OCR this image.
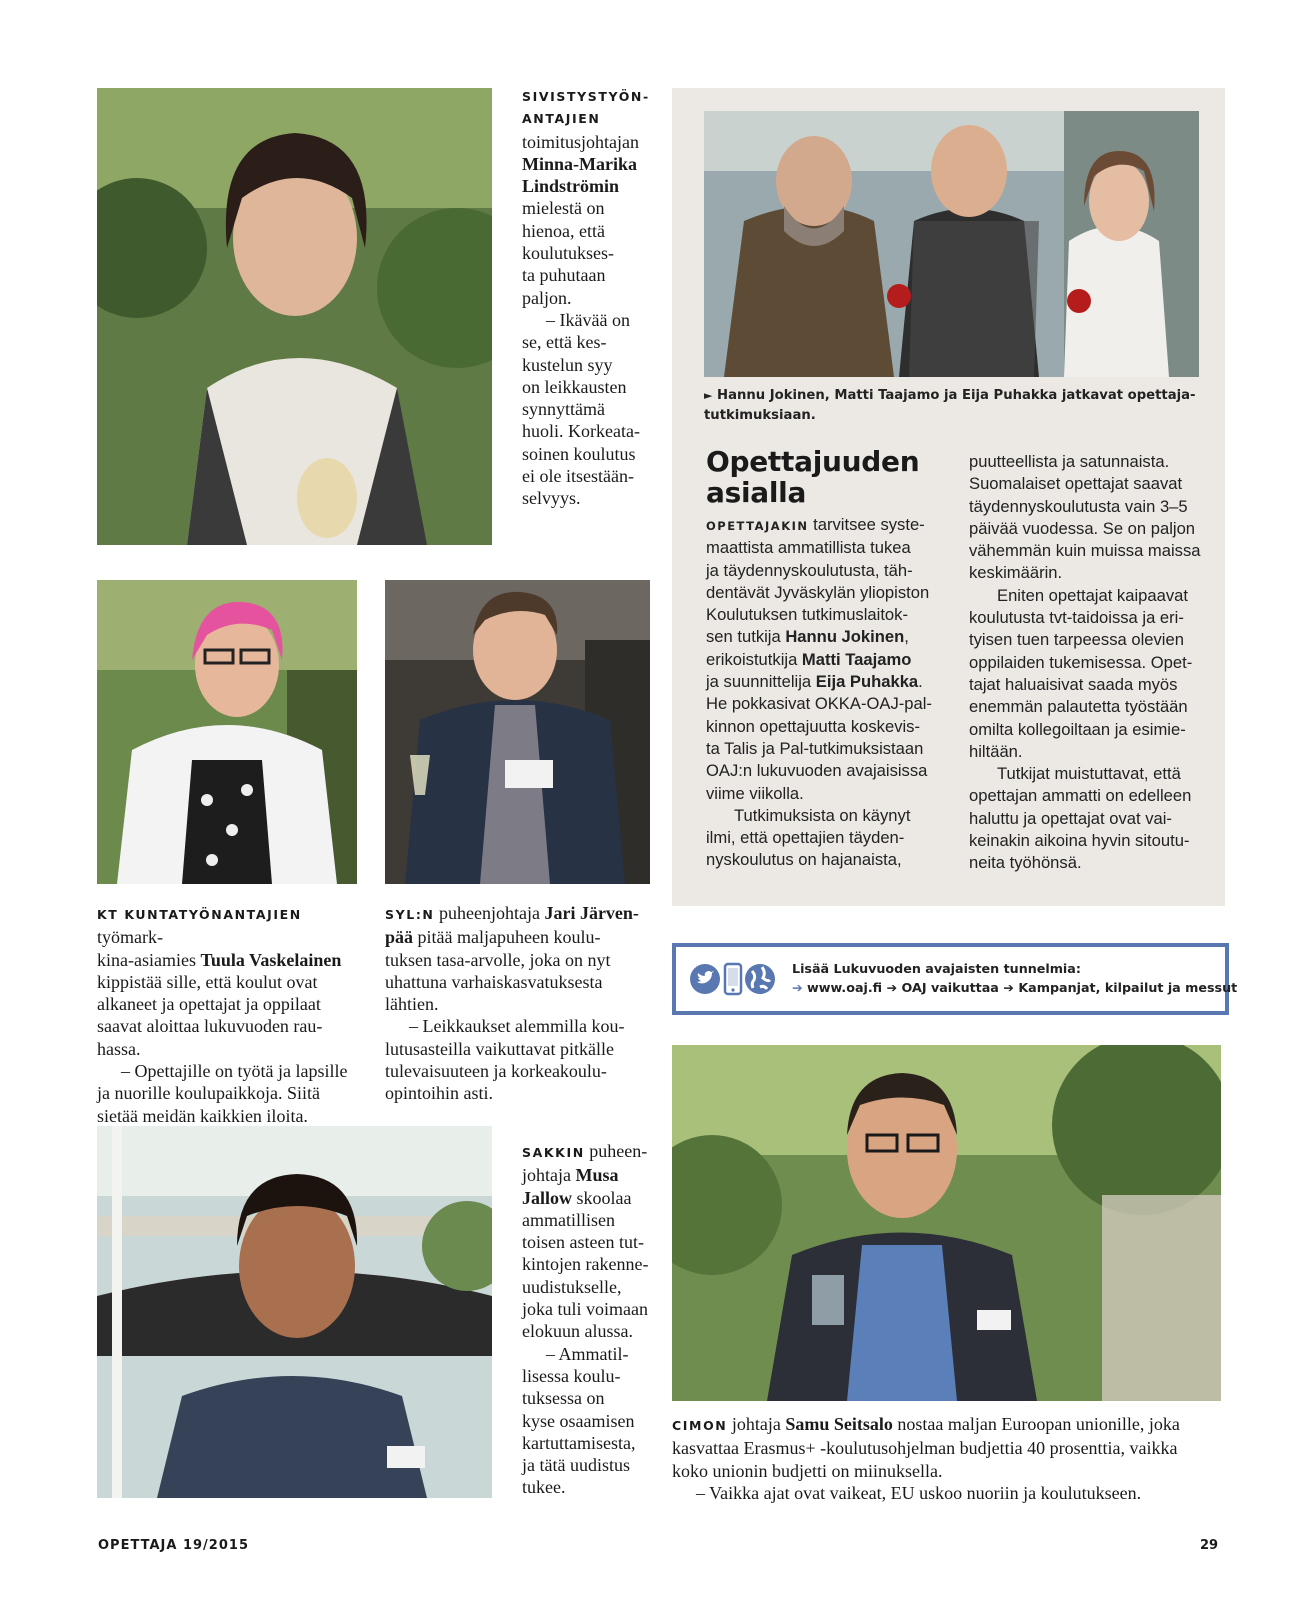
SIVISTYSTYÖN-
ANTAJIEN
toimitusjohtajan
Minna-Marika
Lindströmin
mielestä on
hienoa, että
koulutukses-
ta puhutaan
paljon.
– Ikävää on
se, että kes-
kustelun syy
on leikkausten
synnyttämä
huoli. Korkeata-
soinen koulutus
ei ole itsestään-
selvyys.
► Hannu Jokinen, Matti Taajamo ja Eija Puhakka jatkavat opettaja-
tutkimuksiaan.
Opettajuuden
asialla
OPETTAJAKIN tarvitsee syste-
maattista ammatillista tukea
ja täydennyskoulutusta, täh-
dentävät Jyväskylän yliopiston
Koulutuksen tutkimuslaitok-
sen tutkija Hannu Jokinen,
erikoistutkija Matti Taajamo
ja suunnittelija Eija Puhakka.
He pokkasivat OKKA-OAJ-pal-
kinnon opettajuutta koskevis-
ta Talis ja Pal-tutkimuksistaan
OAJ:n lukuvuoden avajaisissa
viime viikolla.
Tutkimuksista on käynyt
ilmi, että opettajien täyden-
nyskoulutus on hajanaista,
puutteellista ja satunnaista.
Suomalaiset opettajat saavat
täydennyskoulutusta vain 3–5
päivää vuodessa. Se on paljon
vähemmän kuin muissa maissa
keskimäärin.
Eniten opettajat kaipaavat
koulutusta tvt-taidoissa ja eri-
tyisen tuen tarpeessa olevien
oppilaiden tukemisessa. Opet-
tajat haluaisivat saada myös
enemmän palautetta työstään
omilta kollegoiltaan ja esimie-
hiltään.
Tutkijat muistuttavat, että
opettajan ammatti on edelleen
haluttu ja opettajat ovat vai-
keinakin aikoina hyvin sitoutu-
neita työhönsä.
KT KUNTATYÖNANTAJIEN työmark-
kina-asiamies Tuula Vaskelainen
kippistää sille, että koulut ovat
alkaneet ja opettajat ja oppilaat
saavat aloittaa lukuvuoden rau-
hassa.
– Opettajille on työtä ja lapsille
ja nuorille koulupaikkoja. Siitä
sietää meidän kaikkien iloita.
SYL:N puheenjohtaja Jari Järven-
pää pitää maljapuheen koulu-
tuksen tasa-arvolle, joka on nyt
uhattuna varhaiskasvatuksesta
lähtien.
– Leikkaukset alemmilla kou-
lutusasteilla vaikuttavat pitkälle
tulevaisuuteen ja korkeakoulu-
opintoihin asti.
Lisää Lukuvuoden avajaisten tunnelmia:
➔ www.oaj.fi ➔ OAJ vaikuttaa ➔ Kampanjat, kilpailut ja messut
SAKKIN puheen-
johtaja Musa
Jallow skoolaa
ammatillisen
toisen asteen tut-
kintojen rakenne-
uudistukselle,
joka tuli voimaan
elokuun alussa.
– Ammatil-
lisessa koulu-
tuksessa on
kyse osaamisen
kartuttamisesta,
ja tätä uudistus
tukee.
CIMON johtaja Samu Seitsalo nostaa maljan Euroopan unionille, joka
kasvattaa Erasmus+ -koulutusohjelman budjettia 40 prosenttia, vaikka
koko unionin budjetti on miinuksella.
– Vaikka ajat ovat vaikeat, EU uskoo nuoriin ja koulutukseen.
OPETTAJA 19/2015	29
